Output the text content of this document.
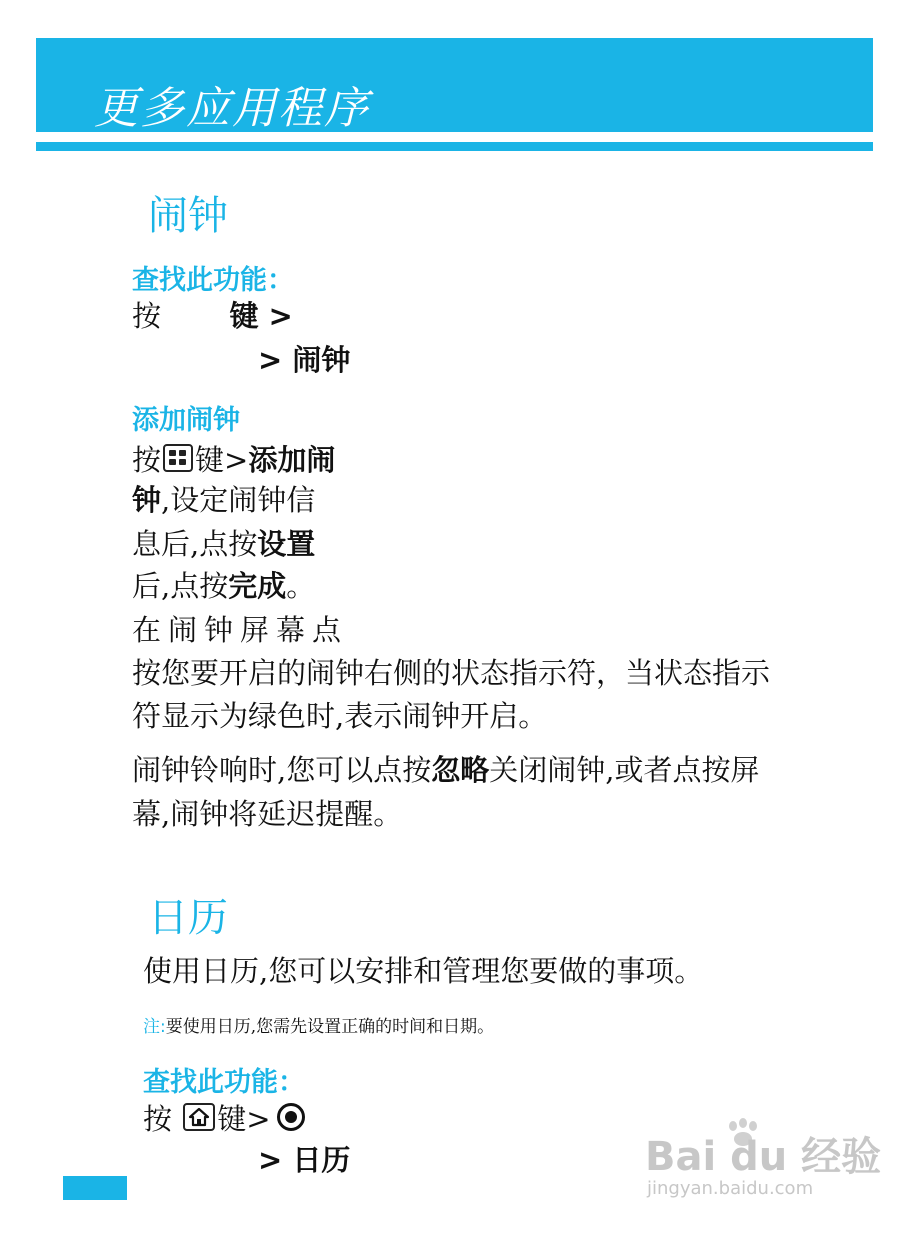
更多应用程序
闹钟
查找此功能：
按 键 >
> 闹钟
添加闹钟
按 键>添加闹
钟,设定闹钟信
息后,点按设置
后,点按完成。
在闹钟屏幕点
按您要开启的闹钟右侧的状态指示符，当状态指示
符显示为绿色时,表示闹钟开启。
闹钟铃响时,您可以点按忽略关闭闹钟,或者点按屏
幕,闹钟将延迟提醒。
日历
使用日历,您可以安排和管理您要做的事项。
注:要使用日历,您需先设置正确的时间和日期。
查找此功能：
按 键>
> 日历	Bai du 经验
jingyan.baidu.com
